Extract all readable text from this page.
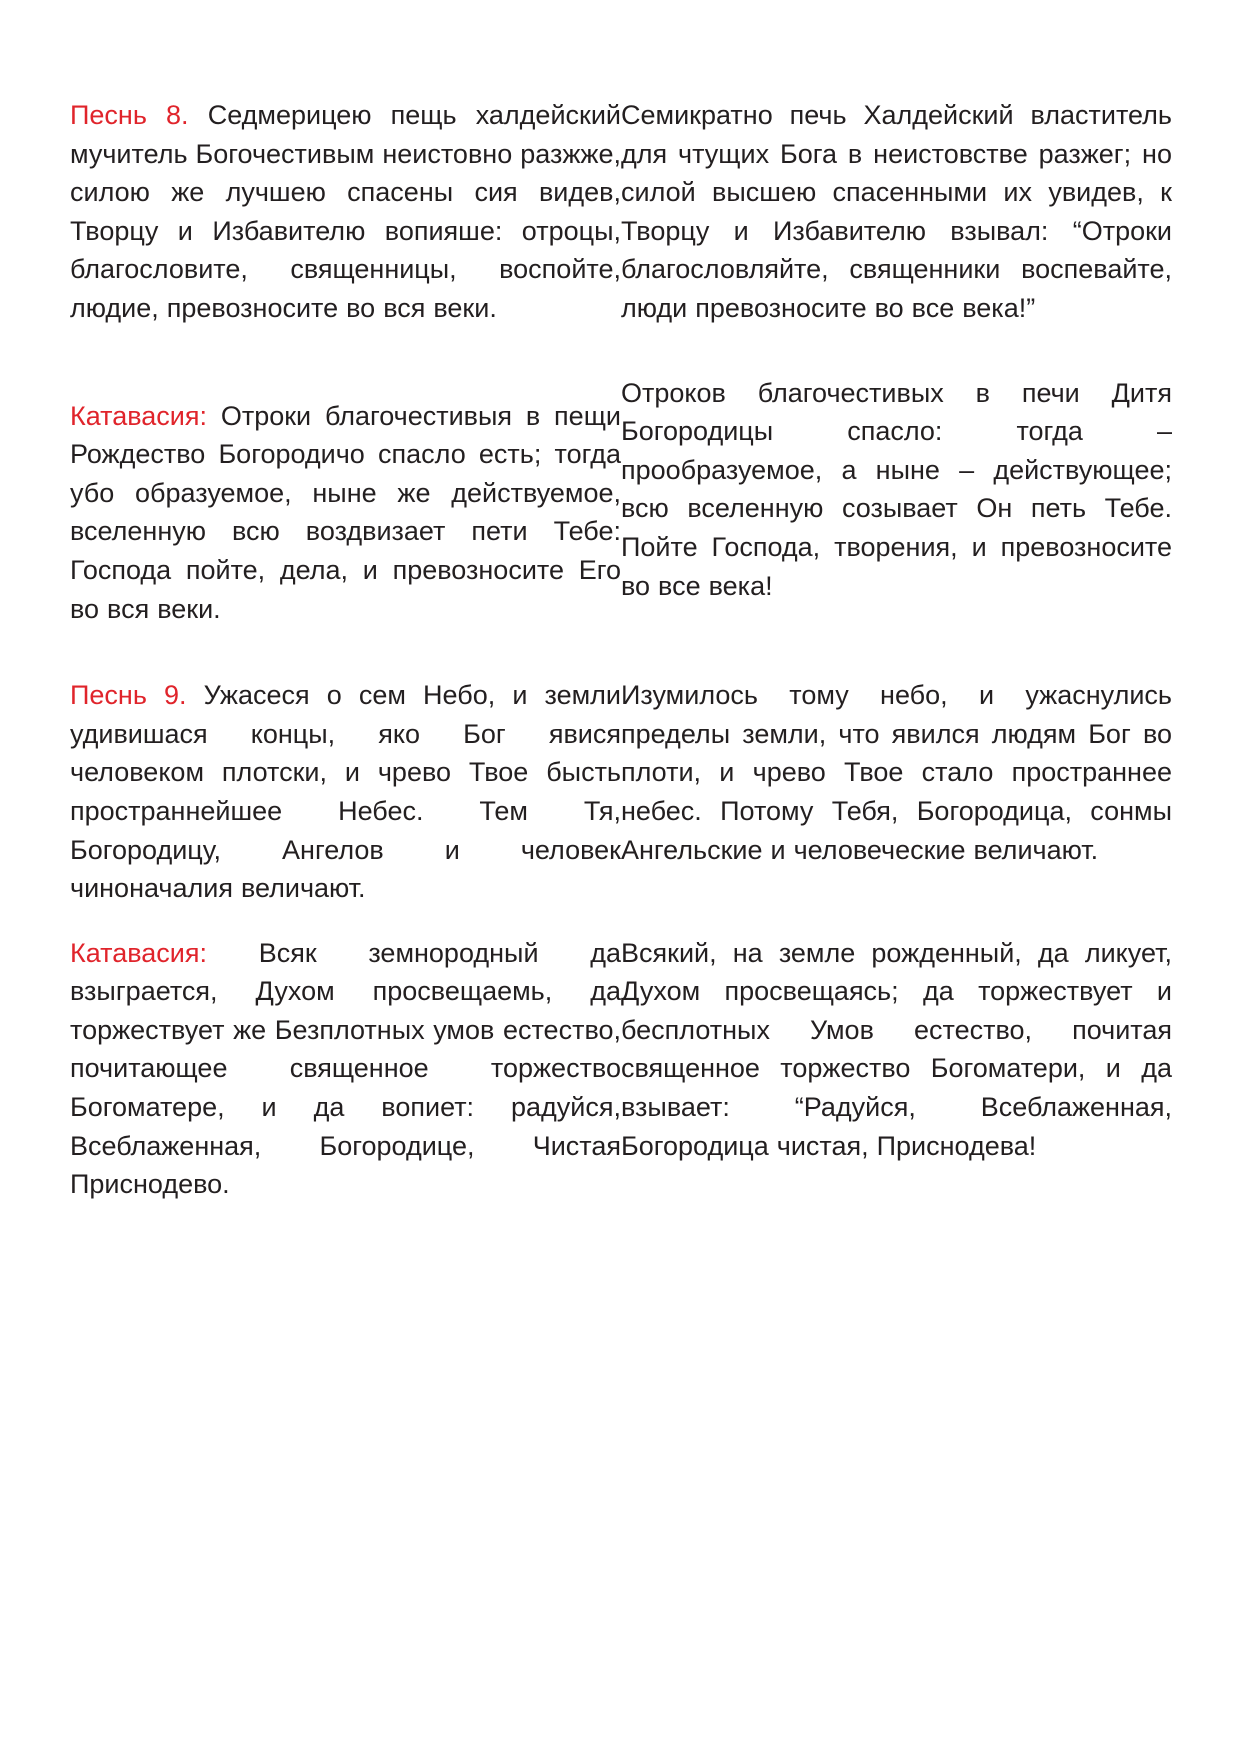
Песнь 8. Седмерицею пещь халдейский мучитель Богочестивым неистовно разжже, силою же лучшею спасены сия видев, Творцу и Избавителю вопияше: отроцы, благословите, священницы, воспойте, людие, превозносите во вся веки.

Семикратно печь Халдейский властитель для чтущих Бога в неистовстве разжег; но силой высшею спасенными их увидев, к Творцу и Избавителю взывал: “Отроки благословляйте, священники воспевайте, люди превозносите во все века!”

Катавасия: Отроки благочестивыя в пещи Рождество Богородичо спасло есть; тогда убо образуемое, ныне же действуемое, вселенную всю воздвизает пети Тебе: Господа пойте, дела, и превозносите Его во вся веки.

Отроков благочестивых в печи Дитя Богородицы спасло: тогда – прообразуемое, а ныне – действующее; всю вселенную созывает Он петь Тебе. Пойте Господа, творения, и превозносите во все века!

Песнь 9. Ужасеся о сем Небо, и земли удивишася концы, яко Бог явися человеком плотски, и чрево Твое бысть пространнейшее Небес. Тем Тя, Богородицу, Ангелов и человек чиноначалия величают.

Изумилось тому небо, и ужаснулись пределы земли, что явился людям Бог во плоти, и чрево Твое стало пространнее небес. Потому Тебя, Богородица, сонмы Ангельские и человеческие величают.

Катавасия: Всяк земнородный да взыграется, Духом просвещаемь, да торжествует же Безплотных умов естество, почитающее священное торжество Богоматере, и да вопиет: радуйся, Всеблаженная, Богородице, Чистая Приснодево.

Всякий, на земле рожденный, да ликует, Духом просвещаясь; да торжествует и бесплотных Умов естество, почитая священное торжество Богоматери, и да взывает: “Радуйся, Всеблаженная, Богородица чистая, Приснодева!
